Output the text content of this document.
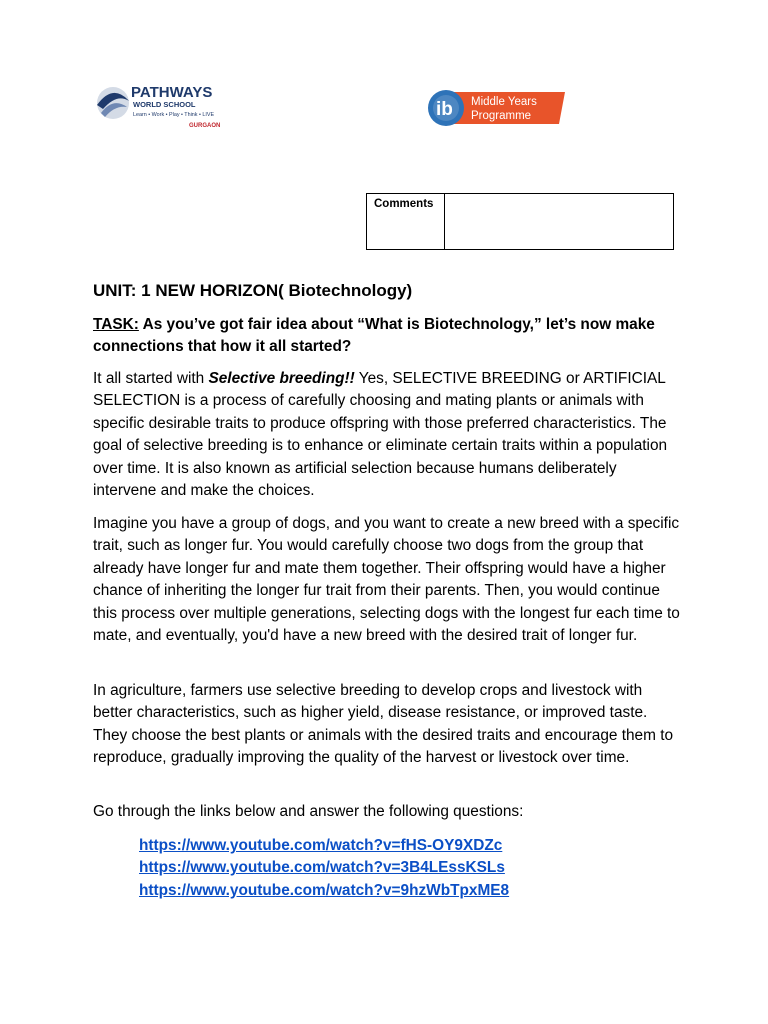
PATHWAYS
WORLD SCHOOL
Learn • Work • Play • Think • LIVE
GURGAON
ib Middle Years
Programme
Comments	
UNIT: 1 NEW HORIZON( Biotechnology)
TASK: As you’ve got fair idea about “What is Biotechnology,” let’s now make connections that how it all started?
It all started with Selective breeding!! Yes, SELECTIVE BREEDING or ARTIFICIAL SELECTION is a process of carefully choosing and mating plants or animals with specific desirable traits to produce offspring with those preferred characteristics. The goal of selective breeding is to enhance or eliminate certain traits within a population over time. It is also known as artificial selection because humans deliberately intervene and make the choices.
Imagine you have a group of dogs, and you want to create a new breed with a specific trait, such as longer fur. You would carefully choose two dogs from the group that already have longer fur and mate them together. Their offspring would have a higher chance of inheriting the longer fur trait from their parents. Then, you would continue this process over multiple generations, selecting dogs with the longest fur each time to mate, and eventually, you'd have a new breed with the desired trait of longer fur.
In agriculture, farmers use selective breeding to develop crops and livestock with better characteristics, such as higher yield, disease resistance, or improved taste. They choose the best plants or animals with the desired traits and encourage them to reproduce, gradually improving the quality of the harvest or livestock over time.
Go through the links below and answer the following questions:
https://www.youtube.com/watch?v=fHS-OY9XDZc
https://www.youtube.com/watch?v=3B4LEssKSLs
https://www.youtube.com/watch?v=9hzWbTpxME8
